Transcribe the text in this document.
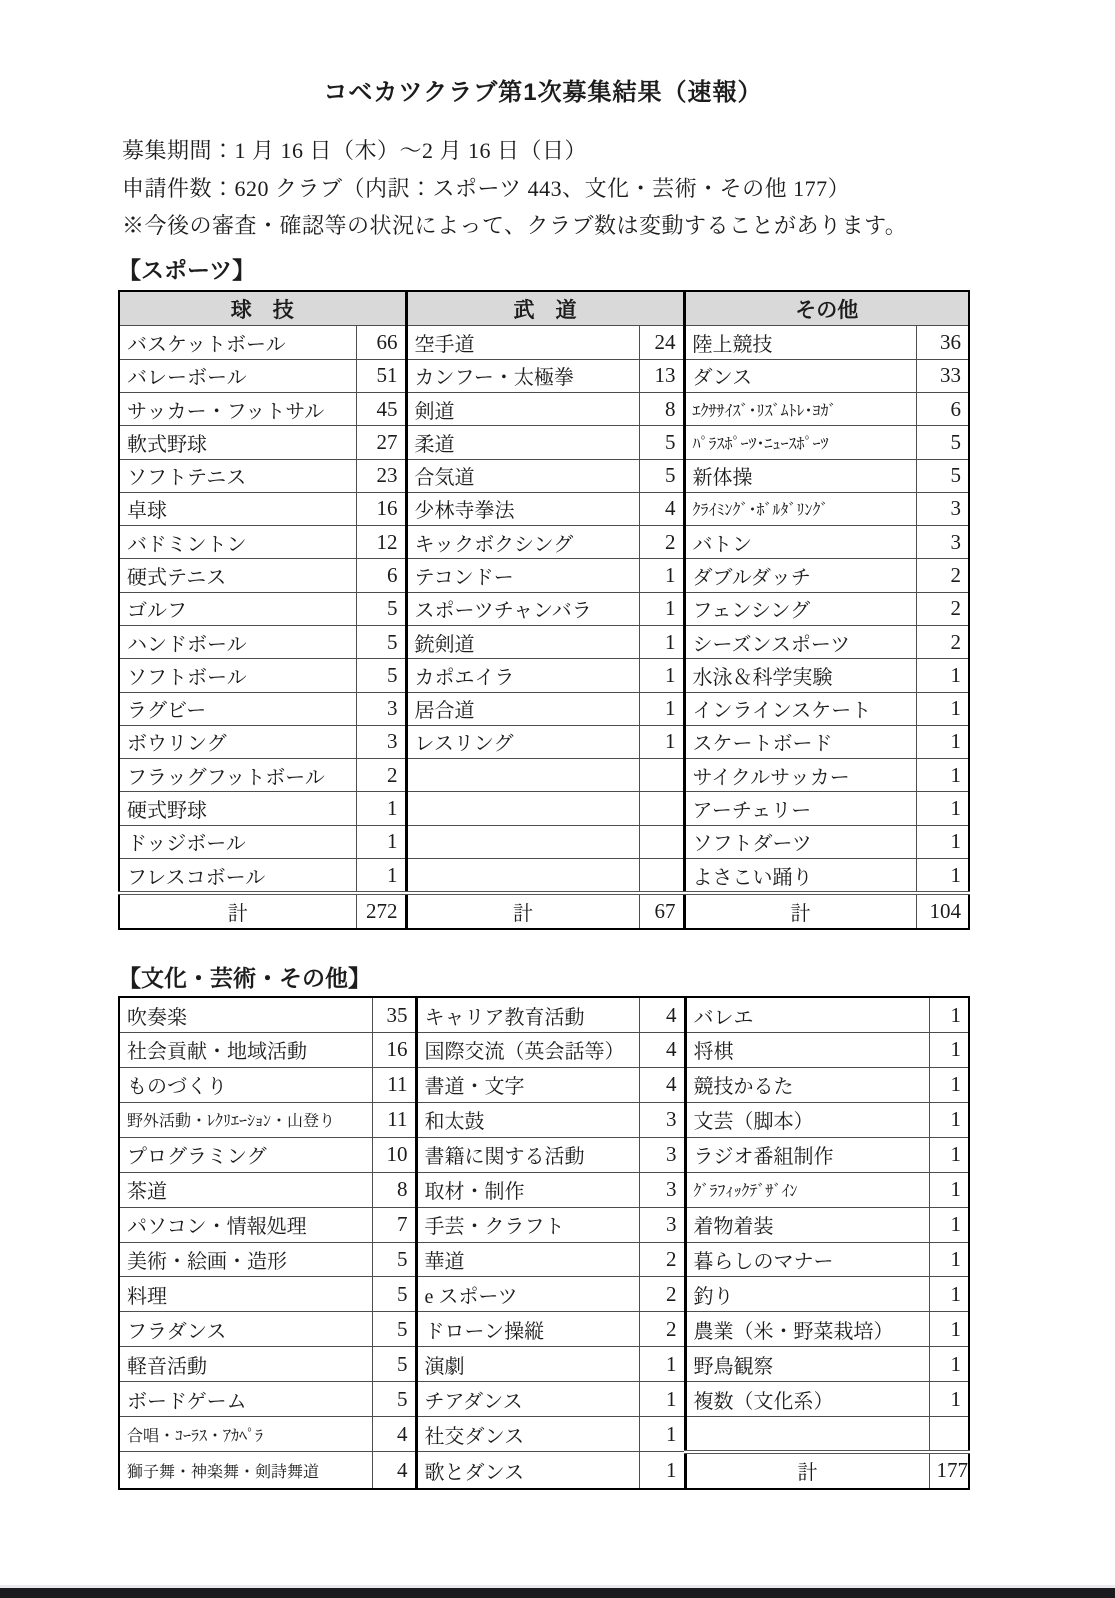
コベカツクラブ第1次募集結果（速報）
募集期間：1 月 16 日（木）～2 月 16 日（日）
申請件数：620 クラブ（内訳：スポーツ 443、文化・芸術・その他 177）
※今後の審査・確認等の状況によって、クラブ数は変動することがあります。
【スポーツ】
球　技		武　道		その他	
バスケットボール	66	空手道	24	陸上競技	36
バレーボール	51	カンフー・太極拳	13	ダンス	33
サッカー・フットサル	45	剣道	8	ｴｸｻｻｲｽﾞ･ﾘｽﾞﾑﾄﾚ･ﾖｶﾞ	6
軟式野球	27	柔道	5	ﾊﾟﾗｽﾎﾟｰﾂ･ﾆｭｰｽﾎﾟｰﾂ	5
ソフトテニス	23	合気道	5	新体操	5
卓球	16	少林寺拳法	4	ｸﾗｲﾐﾝｸﾞ･ﾎﾞﾙﾀﾞﾘﾝｸﾞ	3
バドミントン	12	キックボクシング	2	バトン	3
硬式テニス	6	テコンドー	1	ダブルダッチ	2
ゴルフ	5	スポーツチャンバラ	1	フェンシング	2
ハンドボール	5	銃剣道	1	シーズンスポーツ	2
ソフトボール	5	カポエイラ	1	水泳＆科学実験	1
ラグビー	3	居合道	1	インラインスケート	1
ボウリング	3	レスリング	1	スケートボード	1
フラッグフットボール	2			サイクルサッカー	1
硬式野球	1			アーチェリー	1
ドッジボール	1			ソフトダーツ	1
フレスコボール	1			よさこい踊り	1
計	272	計	67	計	104
【文化・芸術・その他】
吹奏楽	35	キャリア教育活動	4	バレエ	1
社会貢献・地域活動	16	国際交流（英会話等）	4	将棋	1
ものづくり	11	書道・文字	4	競技かるた	1
野外活動・ﾚｸﾘｴｰｼｮﾝ・山登り	11	和太鼓	3	文芸（脚本）	1
プログラミング	10	書籍に関する活動	3	ラジオ番組制作	1
茶道	8	取材・制作	3	ｸﾞﾗﾌｨｯｸﾃﾞｻﾞｲﾝ	1
パソコン・情報処理	7	手芸・クラフト	3	着物着装	1
美術・絵画・造形	5	華道	2	暮らしのマナー	1
料理	5	e スポーツ	2	釣り	1
フラダンス	5	ドローン操縦	2	農業（米・野菜栽培）	1
軽音活動	5	演劇	1	野鳥観察	1
ボードゲーム	5	チアダンス	1	複数（文化系）	1
合唱・ｺｰﾗｽ・ｱｶﾍﾟﾗ	4	社交ダンス	1		
獅子舞・神楽舞・剣詩舞道	4	歌とダンス	1	計	177
